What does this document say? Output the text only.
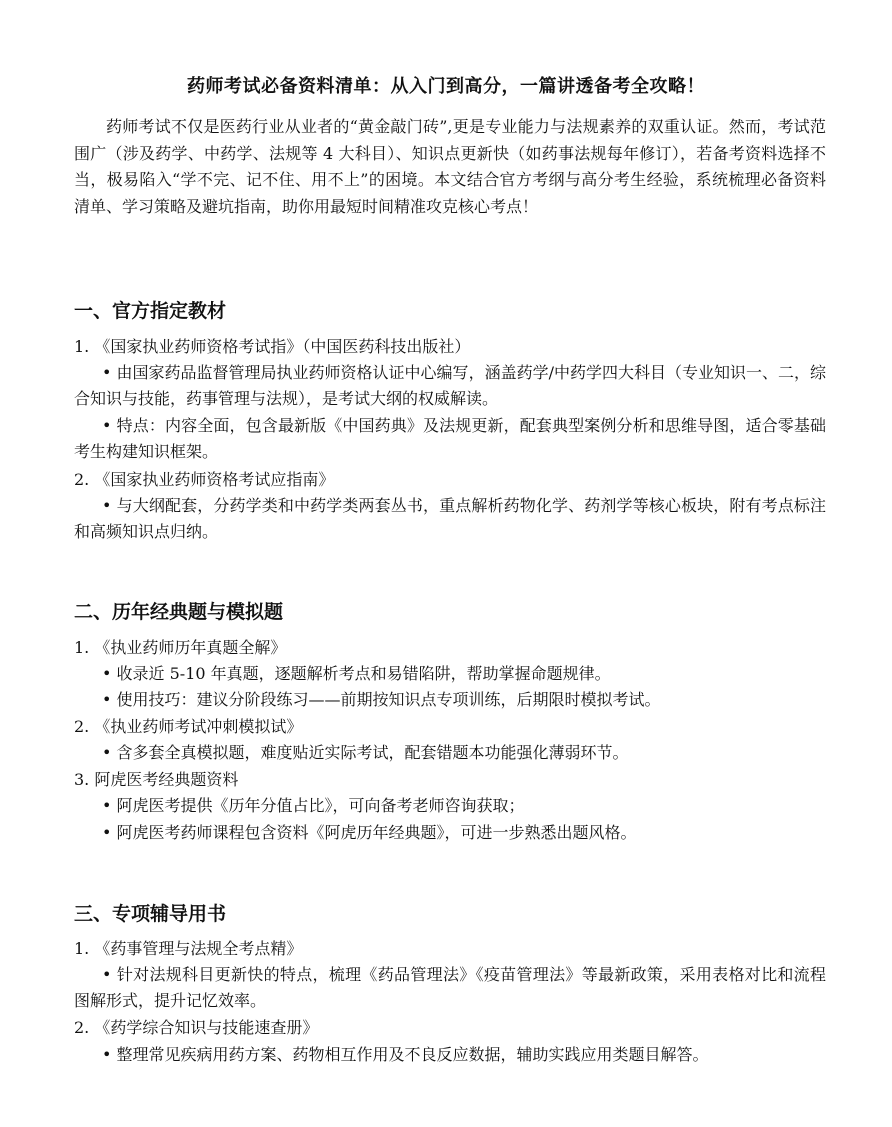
药师考试必备资料清单：从入门到高分，一篇讲透备考全攻略！

药师考试不仅是医药行业从业者的“黄金敲门砖”,更是专业能力与法规素养的双重认证。然而，考试范围广（涉及药学、中药学、法规等 4 大科目）、知识点更新快（如药事法规每年修订），若备考资料选择不当，极易陷入“学不完、记不住、用不上”的困境。本文结合官方考纲与高分考生经验，系统梳理必备资料清单、学习策略及避坑指南，助你用最短时间精准攻克核心考点！

一、官方指定教材
1. 《国家执业药师资格考试指》（中国医药科技出版社）

• 由国家药品监督管理局执业药师资格认证中心编写，涵盖药学/中药学四大科目（专业知识一、二，综合知识与技能，药事管理与法规），是考试大纲的权威解读。

• 特点：内容全面，包含最新版《中国药典》及法规更新，配套典型案例分析和思维导图，适合零基础考生构建知识框架。

2. 《国家执业药师资格考试应指南》

• 与大纲配套，分药学类和中药学类两套丛书，重点解析药物化学、药剂学等核心板块，附有考点标注和高频知识点归纳。

二、历年经典题与模拟题
1. 《执业药师历年真题全解》
• 收录近 5-10 年真题，逐题解析考点和易错陷阱，帮助掌握命题规律。
• 使用技巧：建议分阶段练习——前期按知识点专项训练，后期限时模拟考试。
2. 《执业药师考试冲刺模拟试》
• 含多套全真模拟题，难度贴近实际考试，配套错题本功能强化薄弱环节。
3. 阿虎医考经典题资料
• 阿虎医考提供《历年分值占比》，可向备考老师咨询获取；
• 阿虎医考药师课程包含资料《阿虎历年经典题》，可进一步熟悉出题风格。
三、专项辅导用书
1. 《药事管理与法规全考点精》

• 针对法规科目更新快的特点，梳理《药品管理法》《疫苗管理法》等最新政策，采用表格对比和流程图解形式，提升记忆效率。

2. 《药学综合知识与技能速查册》
• 整理常见疾病用药方案、药物相互作用及不良反应数据，辅助实践应用类题目解答。
